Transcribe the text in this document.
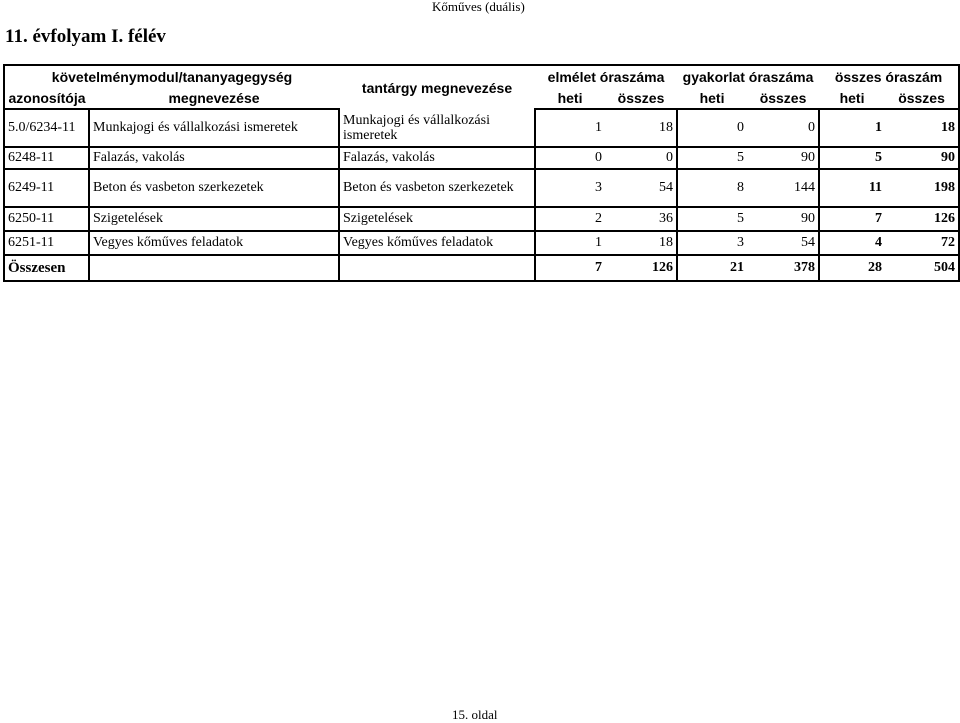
Kőműves (duális)
11. évfolyam I. félév
követelménymodul/tananyagegység		tantárgy megnevezése	elmélet óraszáma		gyakorlat óraszáma		összes óraszám	
azonosítója	megnevezése		heti	összes	heti	összes	heti	összes
5.0/6234-11	Munkajogi és vállalkozási ismeretek	Munkajogi és vállalkozási ismeretek	1	18	0	0	1	18
6248-11	Falazás, vakolás	Falazás, vakolás	0	0	5	90	5	90
6249-11	Beton és vasbeton szerkezetek	Beton és vasbeton szerkezetek	3	54	8	144	11	198
6250-11	Szigetelések	Szigetelések	2	36	5	90	7	126
6251-11	Vegyes kőműves feladatok	Vegyes kőműves feladatok	1	18	3	54	4	72
Összesen			7	126	21	378	28	504
15. oldal
